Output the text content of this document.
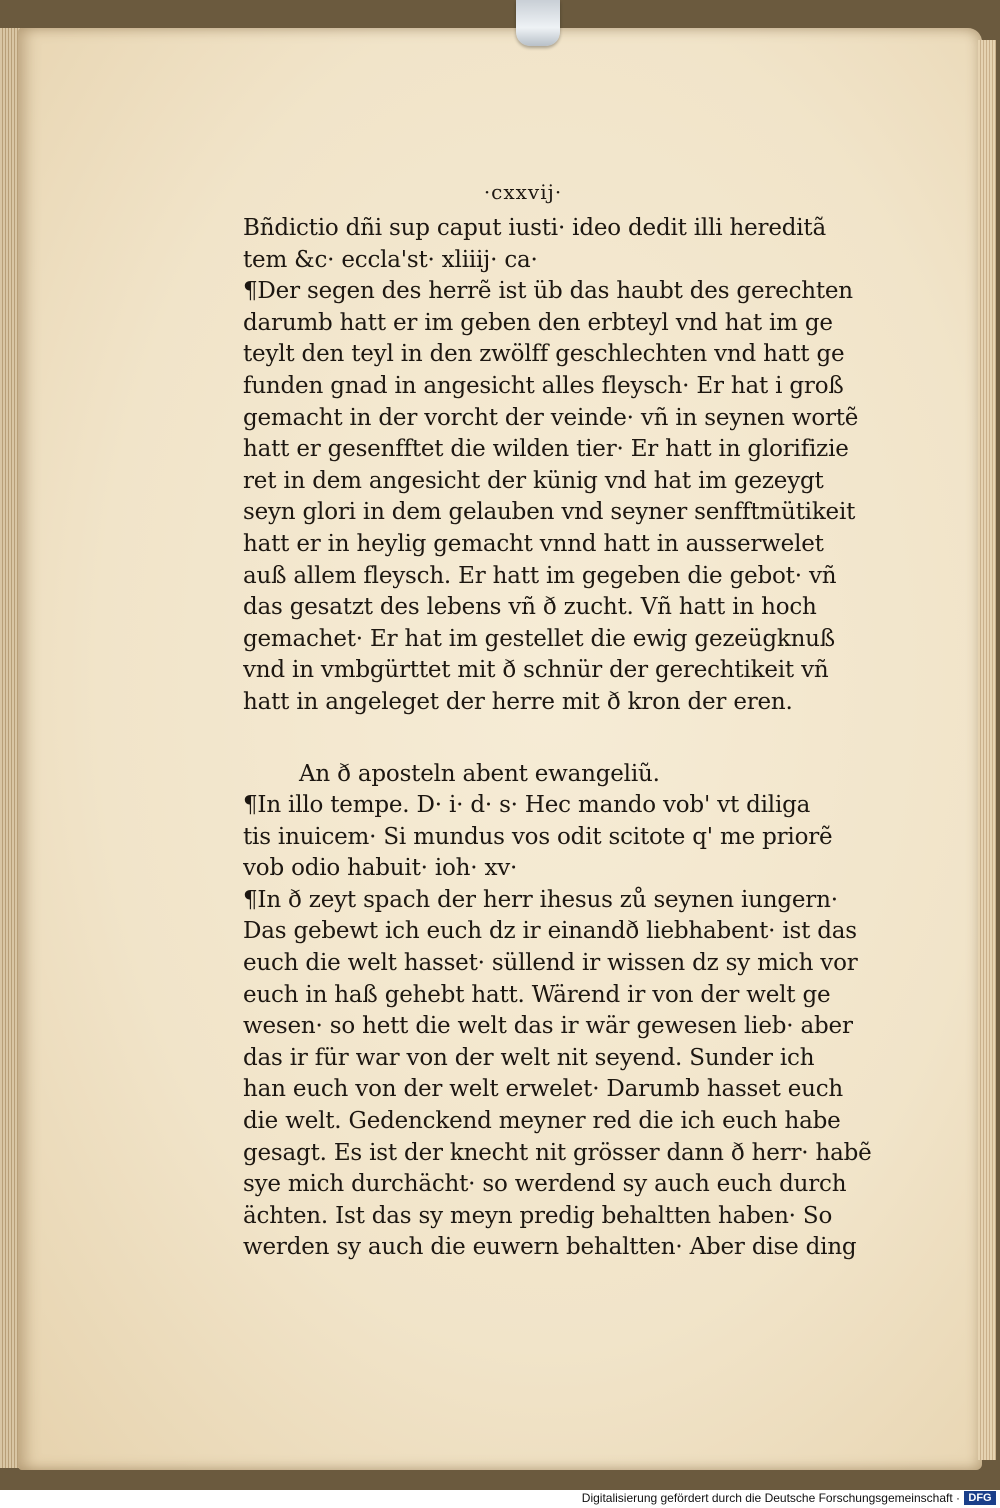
·cxxvij·
Bñdictio dñi sup caput iusti· ideo dedit illi hereditã
tem &c· eccla'st· xliiij· ca·
¶Der segen des herrẽ ist üb das haubt des gerechten
darumb hatt er im geben den erbteyl vnd hat im ge
teylt den teyl in den zwölff geschlechten vnd hatt ge
funden gnad in angesicht alles fleysch· Er hat i groß
gemacht in der vorcht der veinde· vñ in seynen wortẽ
hatt er gesenfftet die wilden tier· Er hatt in glorifizie
ret in dem angesicht der künig vnd hat im gezeygt
seyn glori in dem gelauben vnd seyner senfftmütikeit
hatt er in heylig gemacht vnnd hatt in ausserwelet
auß allem fleysch. Er hatt im gegeben die gebot· vñ
das gesatzt des lebens vñ ð zucht. Vñ hatt in hoch
gemachet· Er hat im gestellet die ewig gezeügknuß
vnd in vmbgürttet mit ð schnür der gerechtikeit vñ
hatt in angeleget der herre mit ð kron der eren.
An ð aposteln abent ewangeliũ.
¶In illo tempe. D· i· d· s· Hec mando vob' vt diliga
tis inuicem· Si mundus vos odit scitote q' me priorẽ
vob odio habuit· ioh· xv·
¶In ð zeyt spach der herr ihesus zů seynen iungern·
Das gebewt ich euch dz ir einandð liebhabent· ist das
euch die welt hasset· süllend ir wissen dz sy mich vor
euch in haß gehebt hatt. Wärend ir von der welt ge
wesen· so hett die welt das ir wär gewesen lieb· aber
das ir für war von der welt nit seyend. Sunder ich
han euch von der welt erwelet· Darumb hasset euch
die welt. Gedenckend meyner red die ich euch habe
gesagt. Es ist der knecht nit grösser dann ð herr· habẽ
sye mich durchächt· so werdend sy auch euch durch
ächten. Ist das sy meyn predig behaltten haben· So
werden sy auch die euwern behaltten· Aber dise ding
Digitalisierung gefördert durch die Deutsche Forschungsgemeinschaft · DFG
